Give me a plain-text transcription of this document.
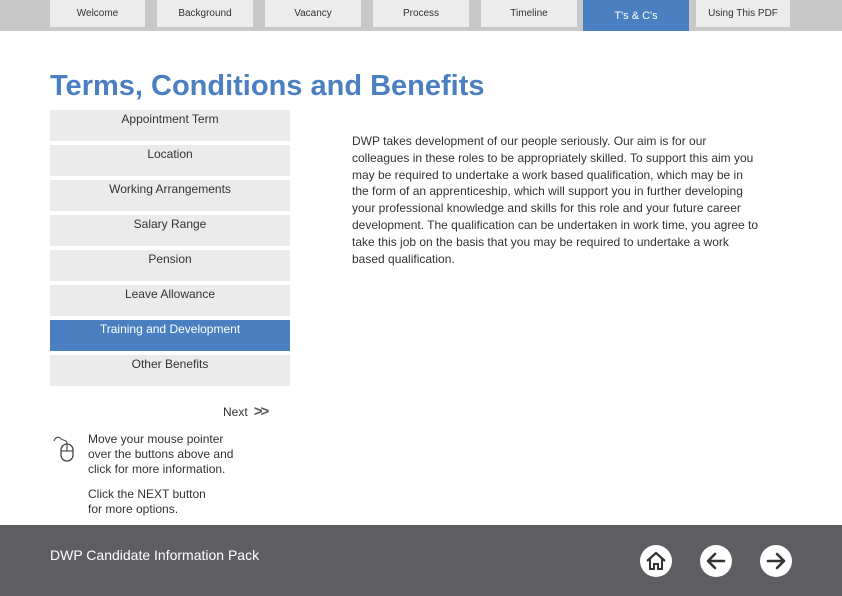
Welcome	Background	Vacancy	Process	Timeline	T's & C's	Using This PDF
Terms, Conditions and Benefits
Appointment Term
Location
Working Arrangements
Salary Range
Pension
Leave Allowance
Training and Development
Other Benefits
Next >>

Move your mouse pointer over the buttons above and click for more information.

Click the NEXT button for more options.

DWP takes development of our people seriously. Our aim is for our colleagues in these roles to be appropriately skilled. To support this aim you may be required to undertake a work based qualification, which may be in the form of an apprenticeship, which will support you in further developing your professional knowledge and skills for this role and your future career development. The qualification can be undertaken in work time, you agree to take this job on the basis that you may be required to undertake a work based qualification.

DWP Candidate Information Pack
